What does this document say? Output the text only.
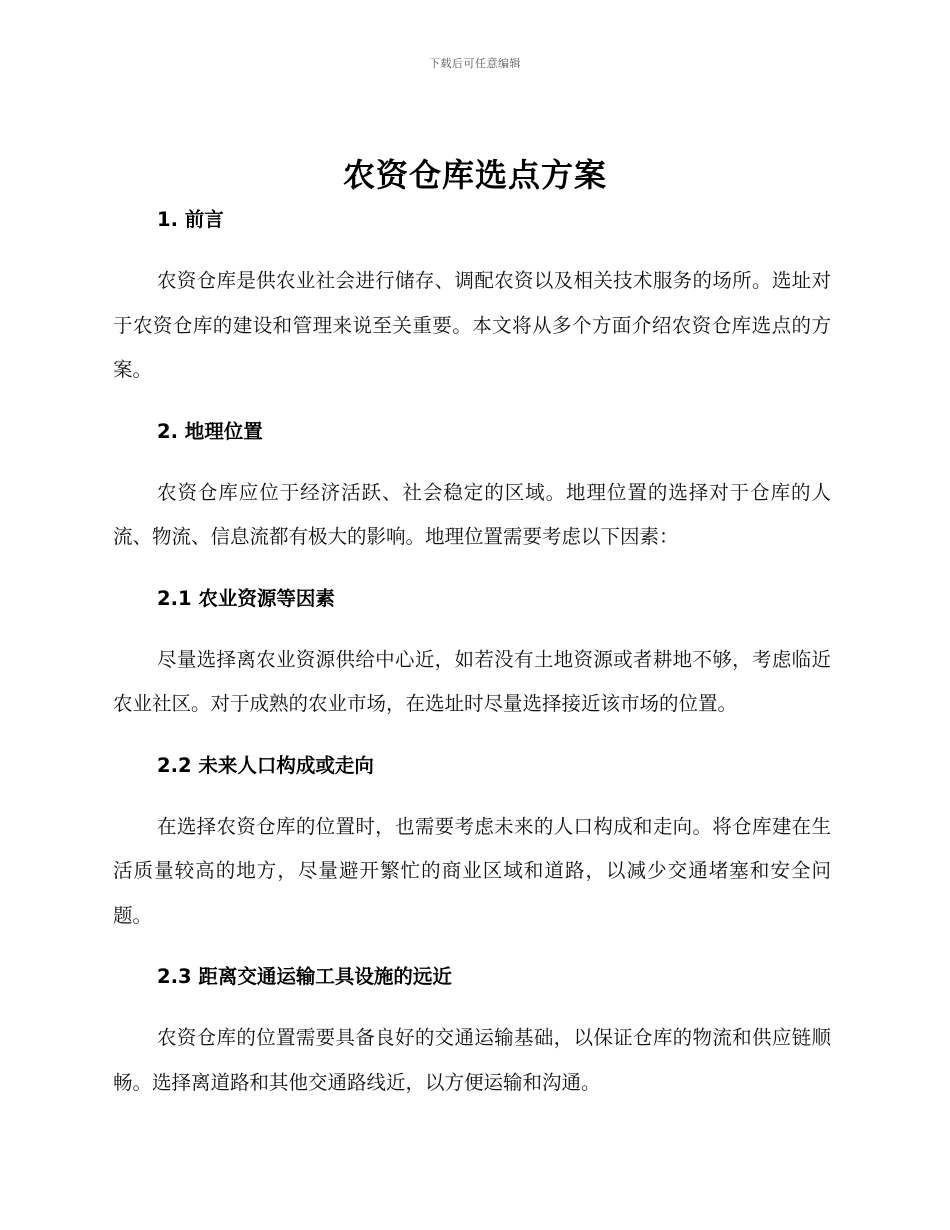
下载后可任意编辑
农资仓库选点方案
1. 前言

农资仓库是供农业社会进行储存、调配农资以及相关技术服务的场所。选址对于农资仓库的建设和管理来说至关重要。本文将从多个方面介绍农资仓库选点的方案。

2. 地理位置

农资仓库应位于经济活跃、社会稳定的区域。地理位置的选择对于仓库的人流、物流、信息流都有极大的影响。地理位置需要考虑以下因素：

2.1 农业资源等因素

尽量选择离农业资源供给中心近，如若没有土地资源或者耕地不够，考虑临近农业社区。对于成熟的农业市场，在选址时尽量选择接近该市场的位置。

2.2 未来人口构成或走向

在选择农资仓库的位置时，也需要考虑未来的人口构成和走向。将仓库建在生活质量较高的地方，尽量避开繁忙的商业区域和道路，以减少交通堵塞和安全问题。

2.3 距离交通运输工具设施的远近

农资仓库的位置需要具备良好的交通运输基础，以保证仓库的物流和供应链顺畅。选择离道路和其他交通路线近，以方便运输和沟通。
